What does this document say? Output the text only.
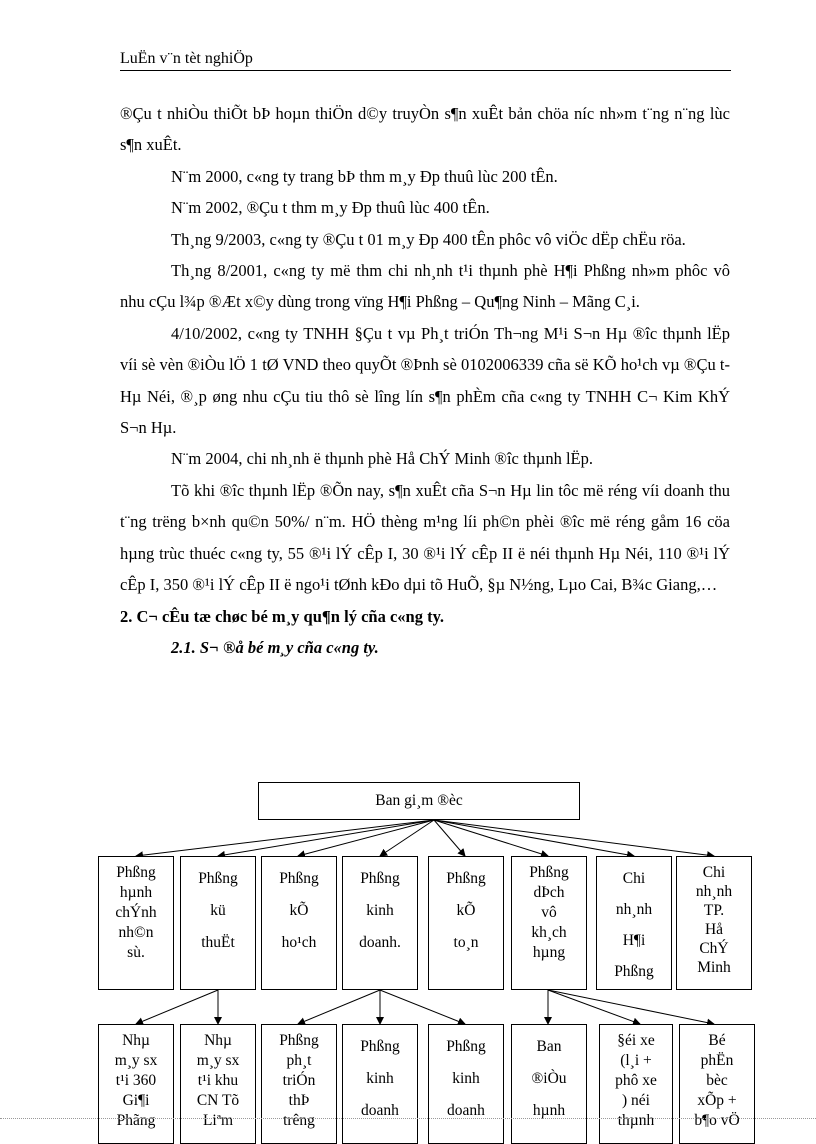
LuËn v¨n tèt nghiÖp

®Çu t nhiÒu thiÕt bÞ hoµn thiÖn d©y truyÒn s¶n xuÊt bản chöa níc nh»m t¨ng n¨ng lùc s¶n xuÊt.

N¨m 2000, c«ng ty trang bÞ thm m¸y Ðp thuû lùc 200 tÊn.

N¨m 2002, ®Çu t thm m¸y Ðp thuû lùc 400 tÊn.

Th¸ng 9/2003, c«ng ty ®Çu t 01 m¸y Ðp 400 tÊn phôc vô viÖc dËp chËu röa.

Th¸ng 8/2001, c«ng ty më thm chi nh¸nh t¹i thµnh phè H¶i Phßng nh»m phôc vô nhu cÇu l¾p ®Æt x©y dùng trong vïng H¶i Phßng – Qu¶ng Ninh – Mãng C¸i.

4/10/2002, c«ng ty TNHH §Çu t vµ Ph¸t triÓn Th¬ng M¹i S¬n Hµ ®îc thµnh lËp víi sè vèn ®iÒu lÖ 1 tØ VND theo quyÕt ®Þnh sè 0102006339 cña së KÕ ho¹ch vµ ®Çu t Hµ Néi, ®¸p øng nhu cÇu tiu thô sè lîng lín s¶n phÈm cña c«ng ty TNHH C¬ Kim KhÝ S¬n Hµ.

N¨m 2004, chi nh¸nh ë thµnh phè Hå ChÝ Minh ®îc thµnh lËp.

Tõ khi ®îc thµnh lËp ®Õn nay, s¶n xuÊt cña S¬n Hµ lin tôc më réng víi doanh thu t¨ng trëng b×nh qu©n 50%/ n¨m. HÖ thèng m¹ng líi ph©n phèi ®îc më réng gåm 16 cöa hµng trùc thuéc c«ng ty, 55 ®¹i lÝ cÊp I, 30 ®¹i lÝ cÊp II ë néi thµnh Hµ Néi, 110 ®¹i lÝ cÊp I, 350 ®¹i lÝ cÊp II ë ngo¹i tØnh kÐo dµi tõ HuÕ, §µ N½ng, Lµo Cai, B¾c Giang,…

2. C¬ cÊu tæ chøc bé m¸y qu¶n lý cña c«ng ty.

2.1. S¬ ®å bé m¸y cña c«ng ty.

Ban gi¸m ®èc
Phßng
hµnh
chÝnh
nh©n
sù.
Phßng
kü
thuËt
Phßng
kÕ
ho¹ch
Phßng
kinh
doanh.
Phßng
kÕ
to¸n
Phßng
dÞch
vô
kh¸ch
hµng
Chi
nh¸nh
H¶i
Phßng
Chi
nh¸nh
TP.
Hå
ChÝ
Minh
Nhµ
m¸y sx
t¹i 360
Gi¶i
Phãng
Nhµ
m¸y sx
t¹i khu
CN Tõ
Liªm
Phßng
ph¸t
triÓn
thÞ
trêng
Phßng
kinh
doanh
Phßng
kinh
doanh
Ban
®iÒu
hµnh
§éi xe
(l¸i +
phô xe
) néi
thµnh
Bé
phËn
bèc
xÕp +
b¶o vÖ
